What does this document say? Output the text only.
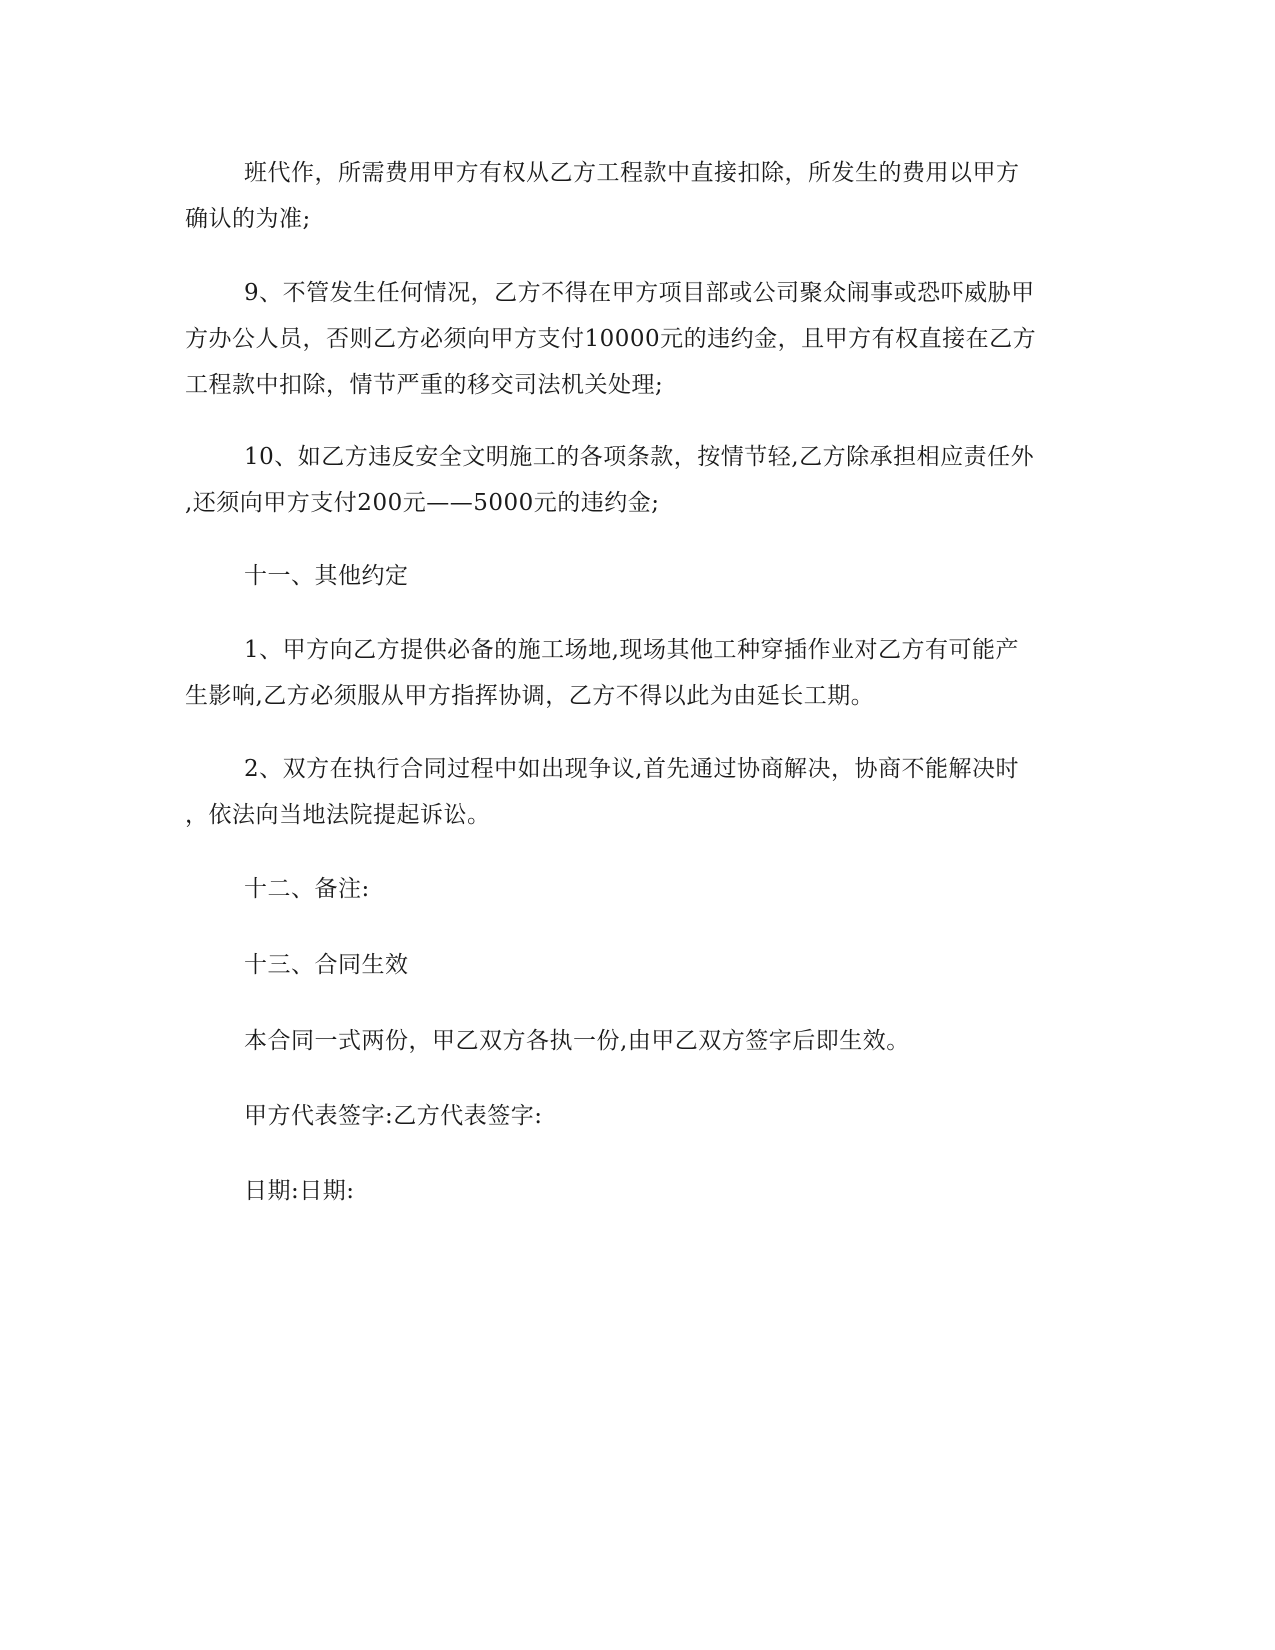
班代作，所需费用甲方有权从乙方工程款中直接扣除，所发生的费用以甲方
确认的为准;

9、不管发生任何情况，乙方不得在甲方项目部或公司聚众闹事或恐吓威胁甲
方办公人员，否则乙方必须向甲方支付10000元的违约金，且甲方有权直接在乙方
工程款中扣除，情节严重的移交司法机关处理;

10、如乙方违反安全文明施工的各项条款，按情节轻,乙方除承担相应责任外
,还须向甲方支付200元——5000元的违约金;

十一、其他约定

1、甲方向乙方提供必备的施工场地,现场其他工种穿插作业对乙方有可能产
生影响,乙方必须服从甲方指挥协调，乙方不得以此为由延长工期。

2、双方在执行合同过程中如出现争议,首先通过协商解决，协商不能解决时
，依法向当地法院提起诉讼。

十二、备注:

十三、合同生效

本合同一式两份，甲乙双方各执一份,由甲乙双方签字后即生效。

甲方代表签字:乙方代表签字:

日期:日期:
